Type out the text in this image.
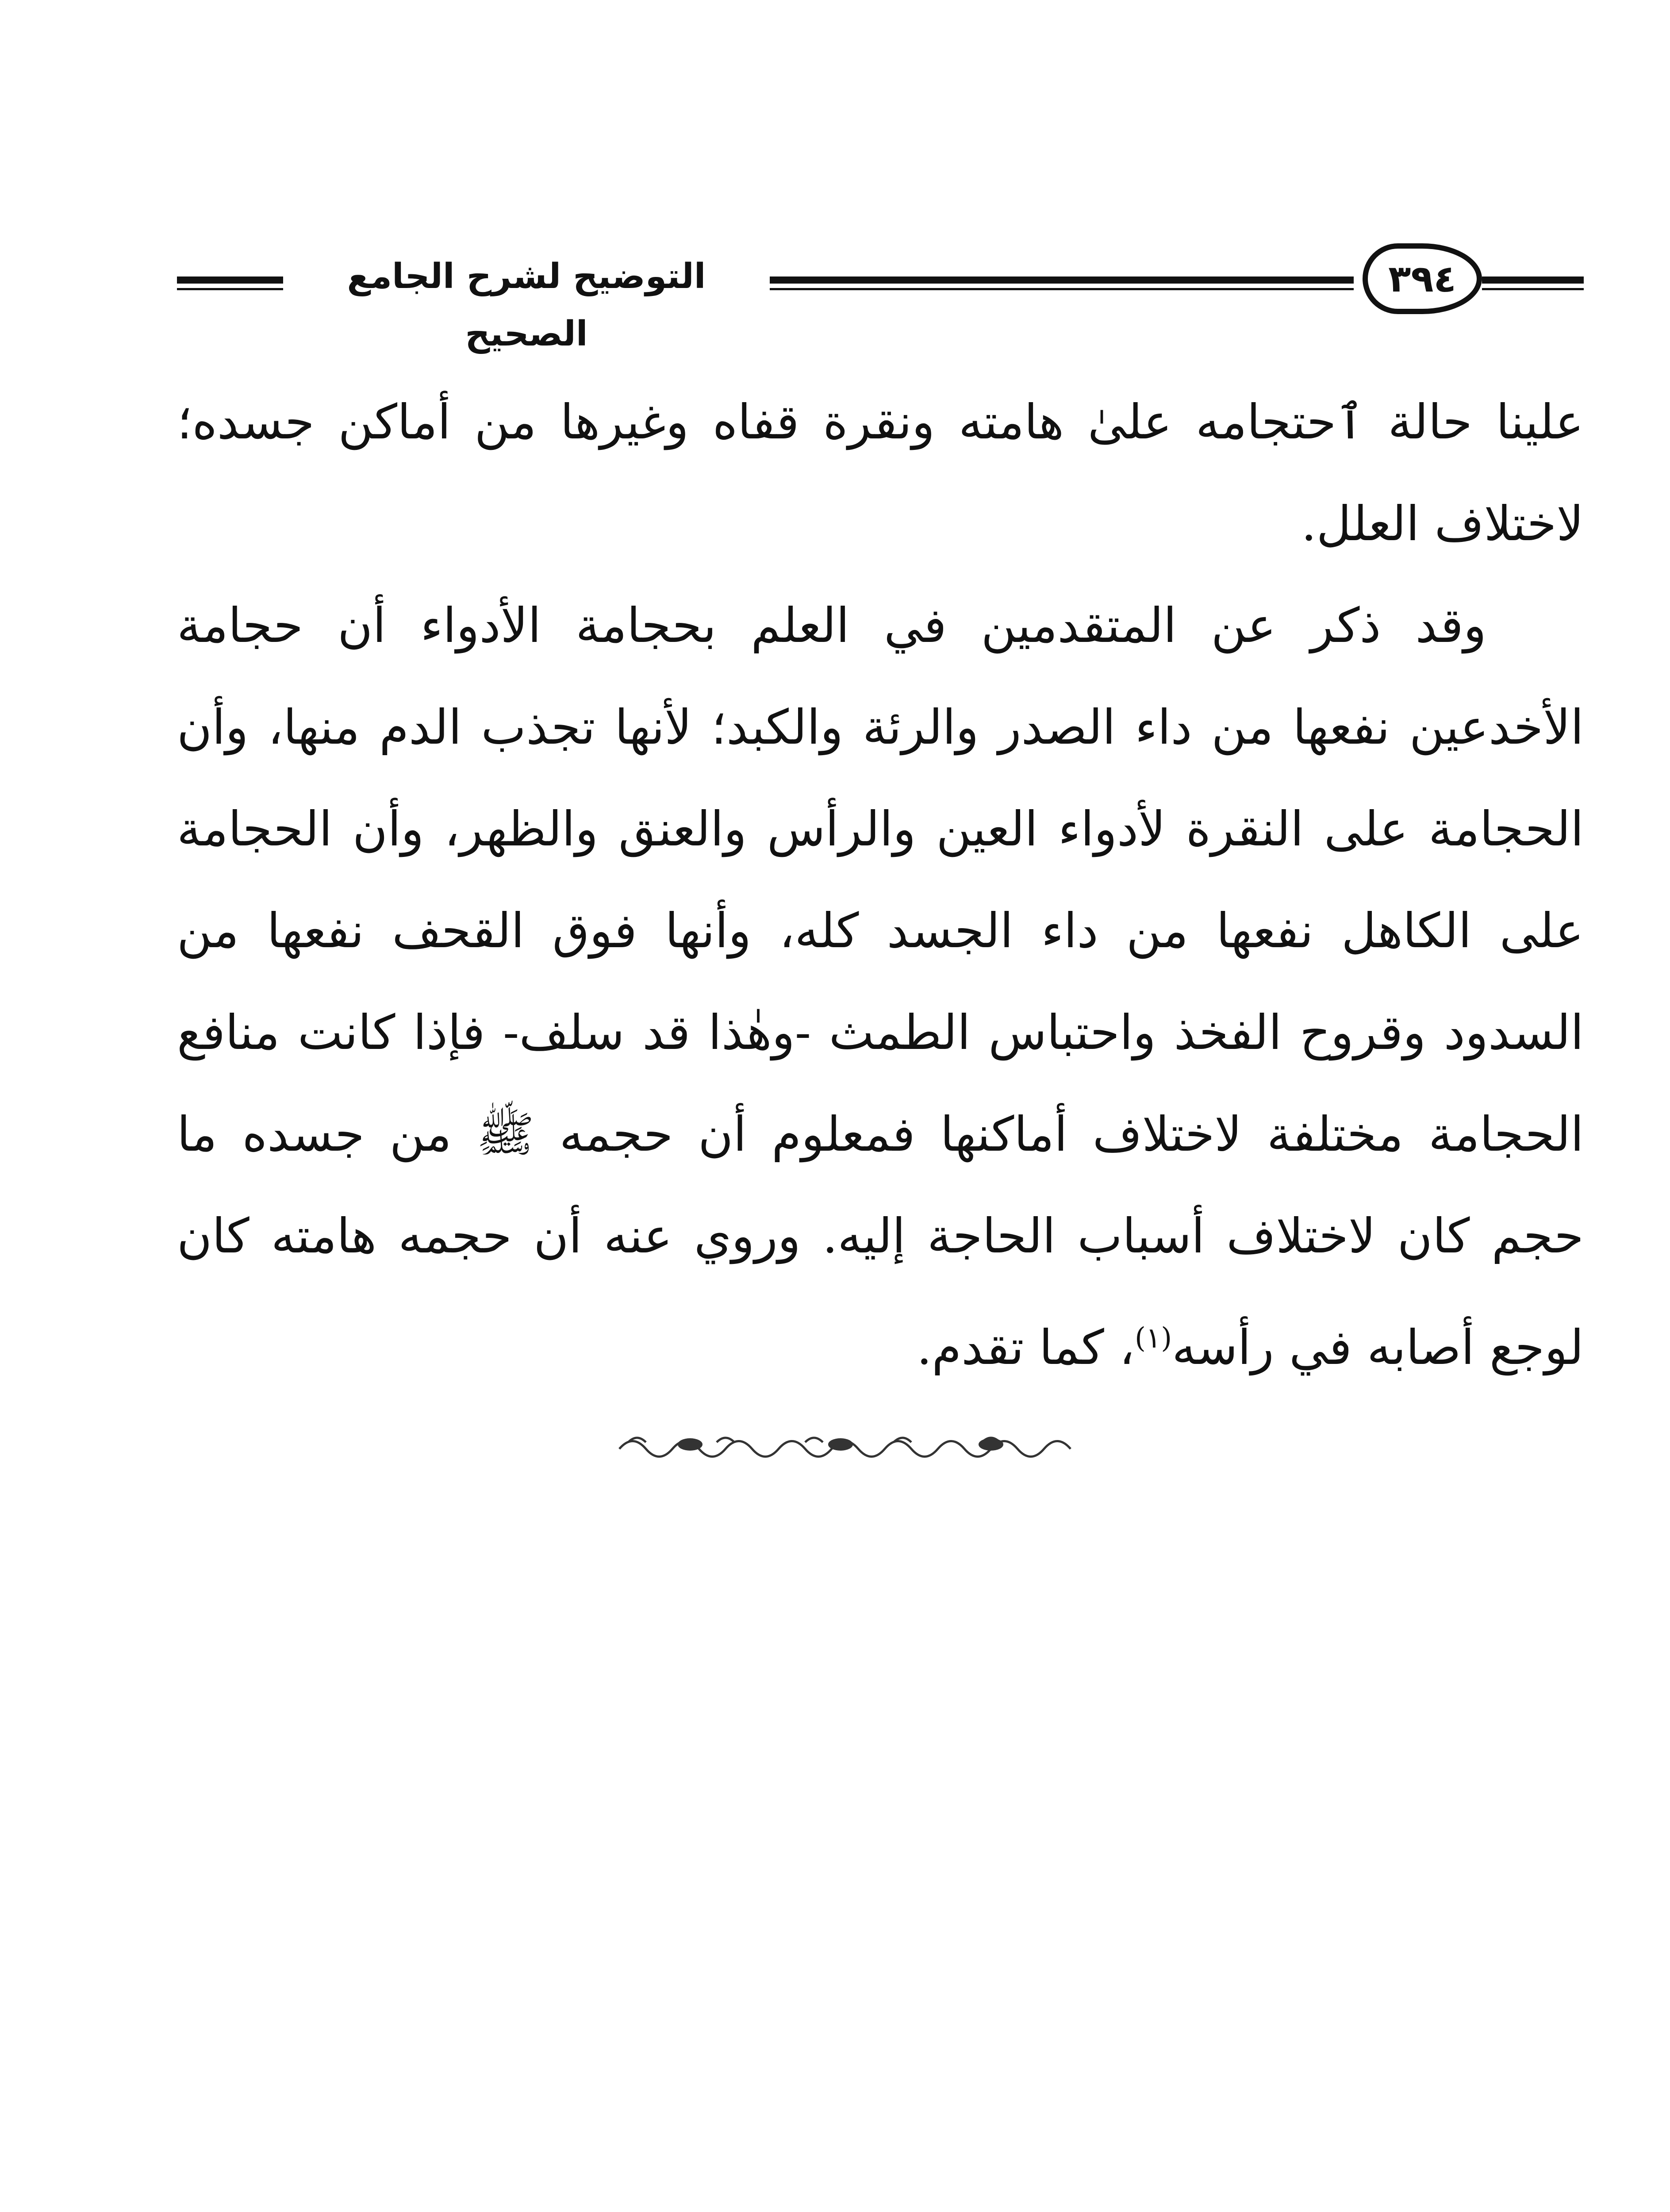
التوضيح لشرح الجامع الصحيح
٣٩٤

علينا حالة ٱحتجامه علىٰ هامته ونقرة قفاه وغيرها من أماكن جسده؛ لاختلاف العلل.

وقد ذكر عن المتقدمين في العلم بحجامة الأدواء أن حجامة الأخدعين نفعها من داء الصدر والرئة والكبد؛ لأنها تجذب الدم منها، وأن الحجامة على النقرة لأدواء العين والرأس والعنق والظهر، وأن الحجامة على الكاهل نفعها من داء الجسد كله، وأنها فوق القحف نفعها من السدود وقروح الفخذ واحتباس الطمث -وهٰذا قد سلف- فإذا كانت منافع الحجامة مختلفة لاختلاف أماكنها فمعلوم أن حجمه ﷺ من جسده ما حجم كان لاختلاف أسباب الحاجة إليه. وروي عنه أن حجمه هامته كان لوجع أصابه في رأسه$^{(١)}$، كما تقدم.
